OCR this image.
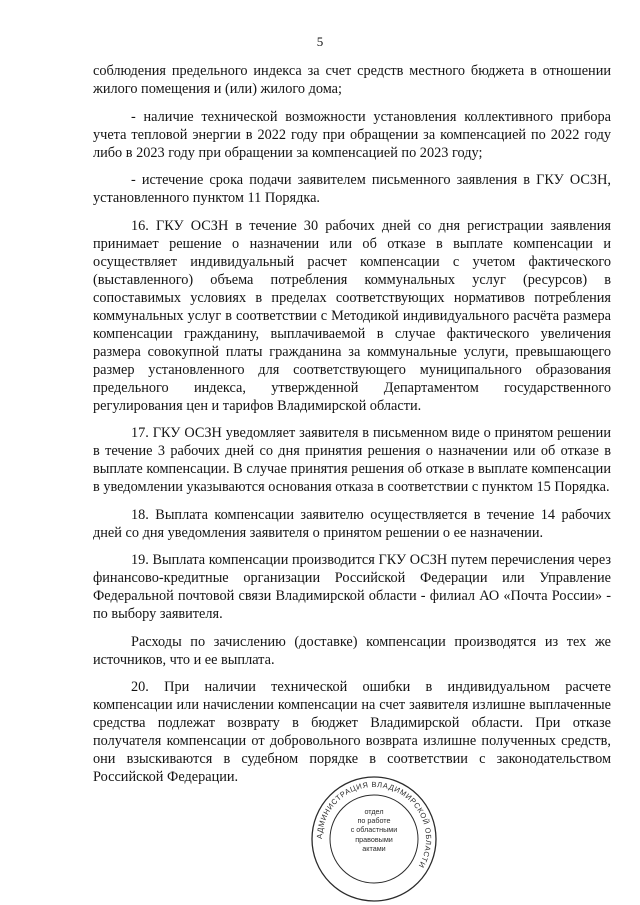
5

соблюдения предельного индекса за счет средств местного бюджета в отношении жилого помещения и (или) жилого дома;

- наличие технической возможности установления коллективного прибора учета тепловой энергии в 2022 году при обращении за компенсацией по 2022 году либо в 2023 году при обращении за компенсацией по 2023 году;

- истечение срока подачи заявителем письменного заявления в ГКУ ОСЗН, установленного пунктом 11 Порядка.

16. ГКУ ОСЗН в течение 30 рабочих дней со дня регистрации заявления принимает решение о назначении или об отказе в выплате компенсации и осуществляет индивидуальный расчет компенсации с учетом фактического (выставленного) объема потребления коммунальных услуг (ресурсов) в сопоставимых условиях в пределах соответствующих нормативов потребления коммунальных услуг в соответствии с Методикой индивидуального расчёта размера компенсации гражданину, выплачиваемой в случае фактического увеличения размера совокупной платы гражданина за коммунальные услуги, превышающего размер установленного для соответствующего муниципального образования предельного индекса, утвержденной Департаментом государственного регулирования цен и тарифов Владимирской области.

17. ГКУ ОСЗН уведомляет заявителя в письменном виде о принятом решении в течение 3 рабочих дней со дня принятия решения о назначении или об отказе в выплате компенсации. В случае принятия решения об отказе в выплате компенсации в уведомлении указываются основания отказа в соответствии с пунктом 15 Порядка.

18. Выплата компенсации заявителю осуществляется в течение 14 рабочих дней со дня уведомления заявителя о принятом решении о ее назначении.

19. Выплата компенсации производится ГКУ ОСЗН путем перечисления через финансово-кредитные организации Российской Федерации или Управление Федеральной почтовой связи Владимирской области - филиал АО «Почта России» - по выбору заявителя.

Расходы по зачислению (доставке) компенсации производятся из тех же источников, что и ее выплата.

20. При наличии технической ошибки в индивидуальном расчете компенсации или начислении компенсации на счет заявителя излишне выплаченные средства подлежат возврату в бюджет Владимирской области. При отказе получателя компенсации от добровольного возврата излишне полученных средств, они взыскиваются в судебном порядке в соответствии с законодательством Российской Федерации.

АДМИНИСТРАЦИЯ ВЛАДИМИРСКОЙ ОБЛАСТИ
отдел
по работе
с областными
правовыми
актами
